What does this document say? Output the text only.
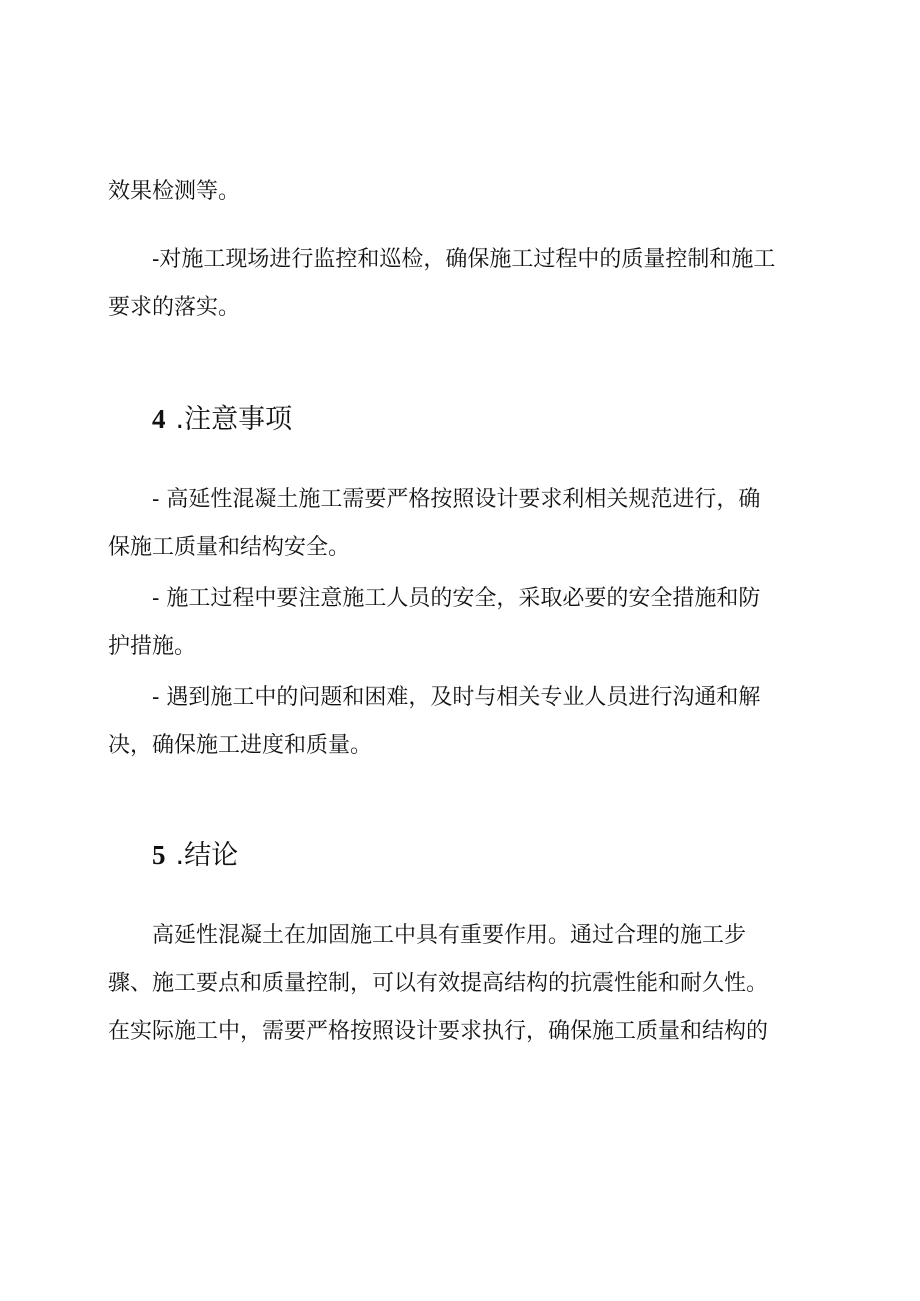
效果检测等。
-对施工现场进行监控和巡检，确保施工过程中的质量控制和施工
要求的落实。
4 .注意事项
- 高延性混凝土施工需要严格按照设计要求利相关规范进行，确
保施工质量和结构安全。
- 施工过程中要注意施工人员的安全，采取必要的安全措施和防
护措施。
- 遇到施工中的问题和困难，及时与相关专业人员进行沟通和解
决，确保施工进度和质量。
5 .结论
高延性混凝土在加固施工中具有重要作用。通过合理的施工步
骤、施工要点和质量控制，可以有效提高结构的抗震性能和耐久性。
在实际施工中，需要严格按照设计要求执行，确保施工质量和结构的
